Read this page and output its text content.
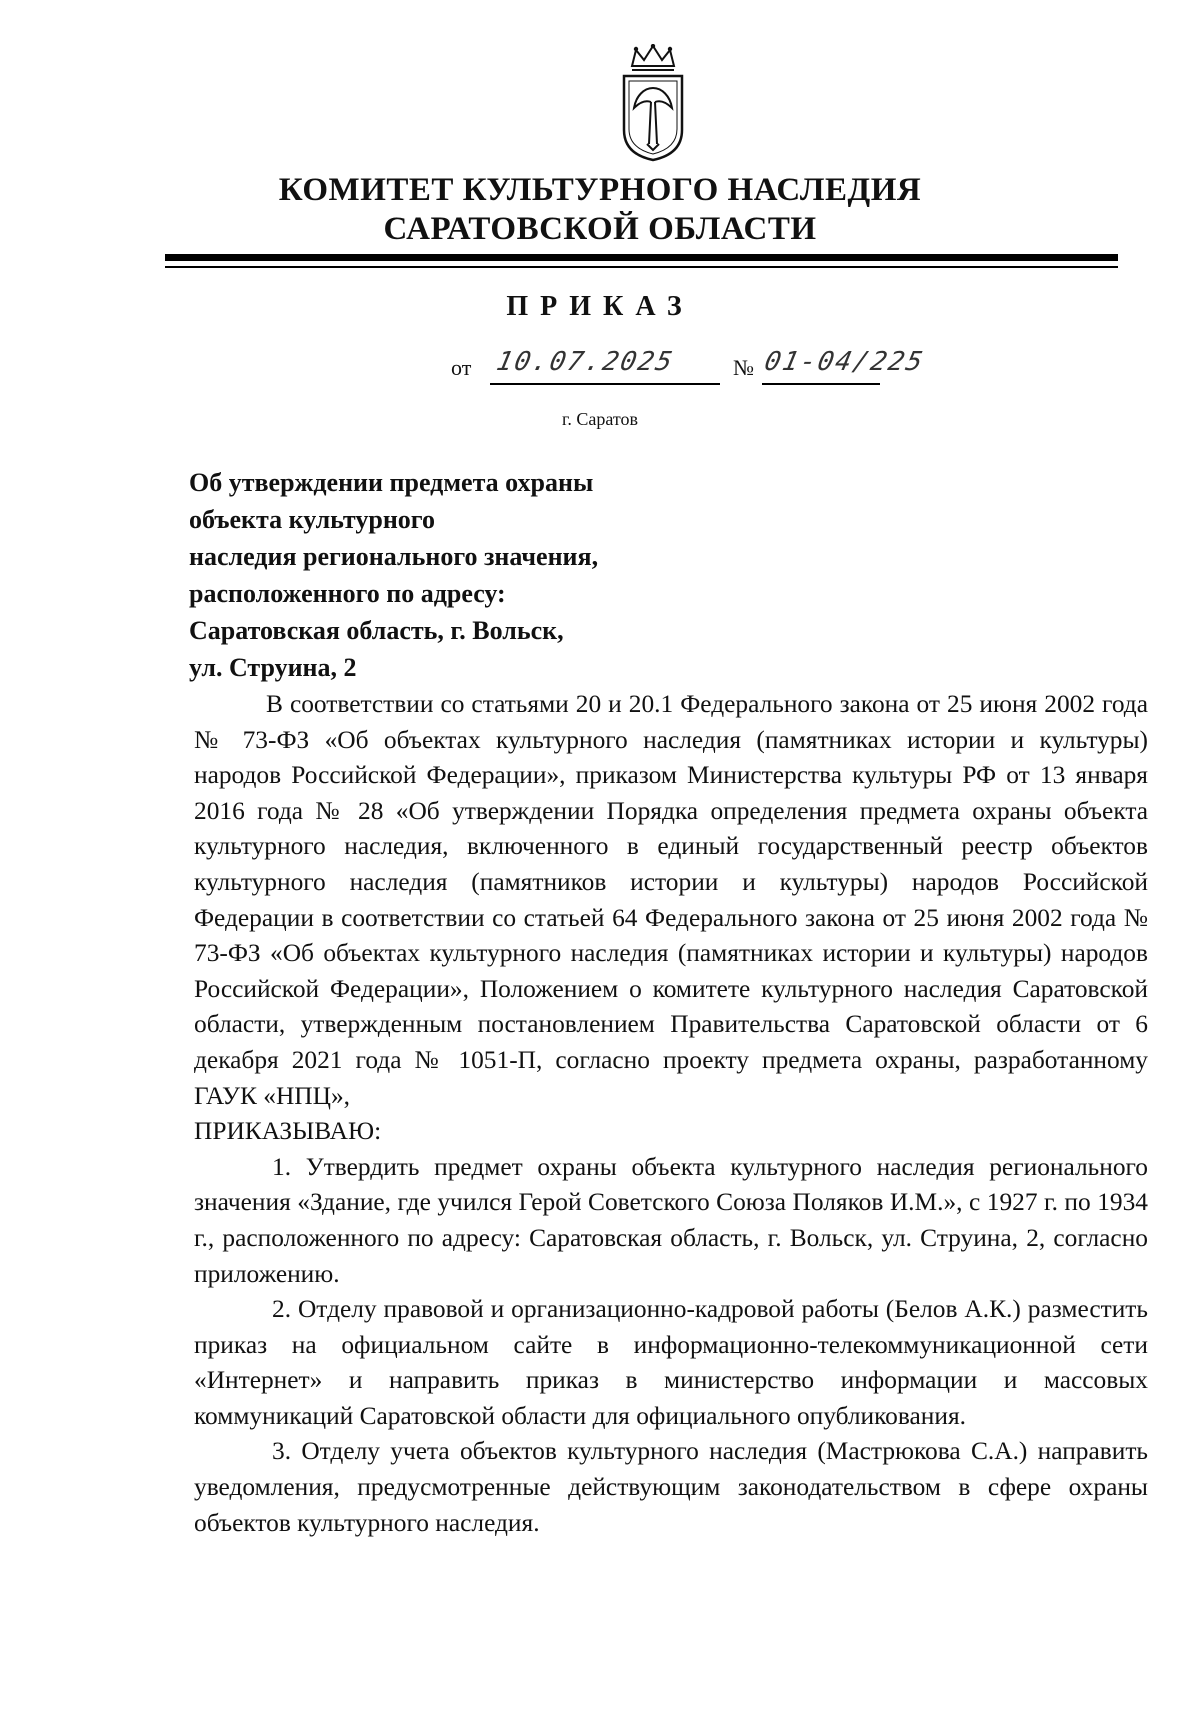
КОМИТЕТ КУЛЬТУРНОГО НАСЛЕДИЯ
САРАТОВСКОЙ ОБЛАСТИ
ПРИКАЗ
от 10.07.2025	№ 01-04/225
г. Саратов
Об утверждении предмета охраны
объекта культурного
наследия регионального значения,
расположенного по адресу:
Саратовская область, г. Вольск,
ул. Струина, 2

В соответствии со статьями 20 и 20.1 Федерального закона от 25 июня 2002 года № 73-ФЗ «Об объектах культурного наследия (памятниках истории и культуры) народов Российской Федерации», приказом Министерства культуры РФ от 13 января 2016 года № 28 «Об утверждении Порядка определения предмета охраны объекта культурного наследия, включенного в единый государственный реестр объектов культурного наследия (памятников истории и культуры) народов Российской Федерации в соответствии со статьей 64 Федерального закона от 25 июня 2002 года № 73-ФЗ «Об объектах культурного наследия (памятниках истории и культуры) народов Российской Федерации», Положением о комитете культурного наследия Саратовской области, утвержденным постановлением Правительства Саратовской области от 6 декабря 2021 года № 1051-П, согласно проекту предмета охраны, разработанному ГАУК «НПЦ»,

ПРИКАЗЫВАЮ:

1. Утвердить предмет охраны объекта культурного наследия регионального значения «Здание, где учился Герой Советского Союза Поляков И.М.», с 1927 г. по 1934 г., расположенного по адресу: Саратовская область, г. Вольск, ул. Струина, 2, согласно приложению.

2. Отделу правовой и организационно-кадровой работы (Белов А.К.) разместить приказ на официальном сайте в информационно-телекоммуникационной сети «Интернет» и направить приказ в министерство информации и массовых коммуникаций Саратовской области для официального опубликования.

3. Отделу учета объектов культурного наследия (Мастрюкова С.А.) направить уведомления, предусмотренные действующим законодательством в сфере охраны объектов культурного наследия.
